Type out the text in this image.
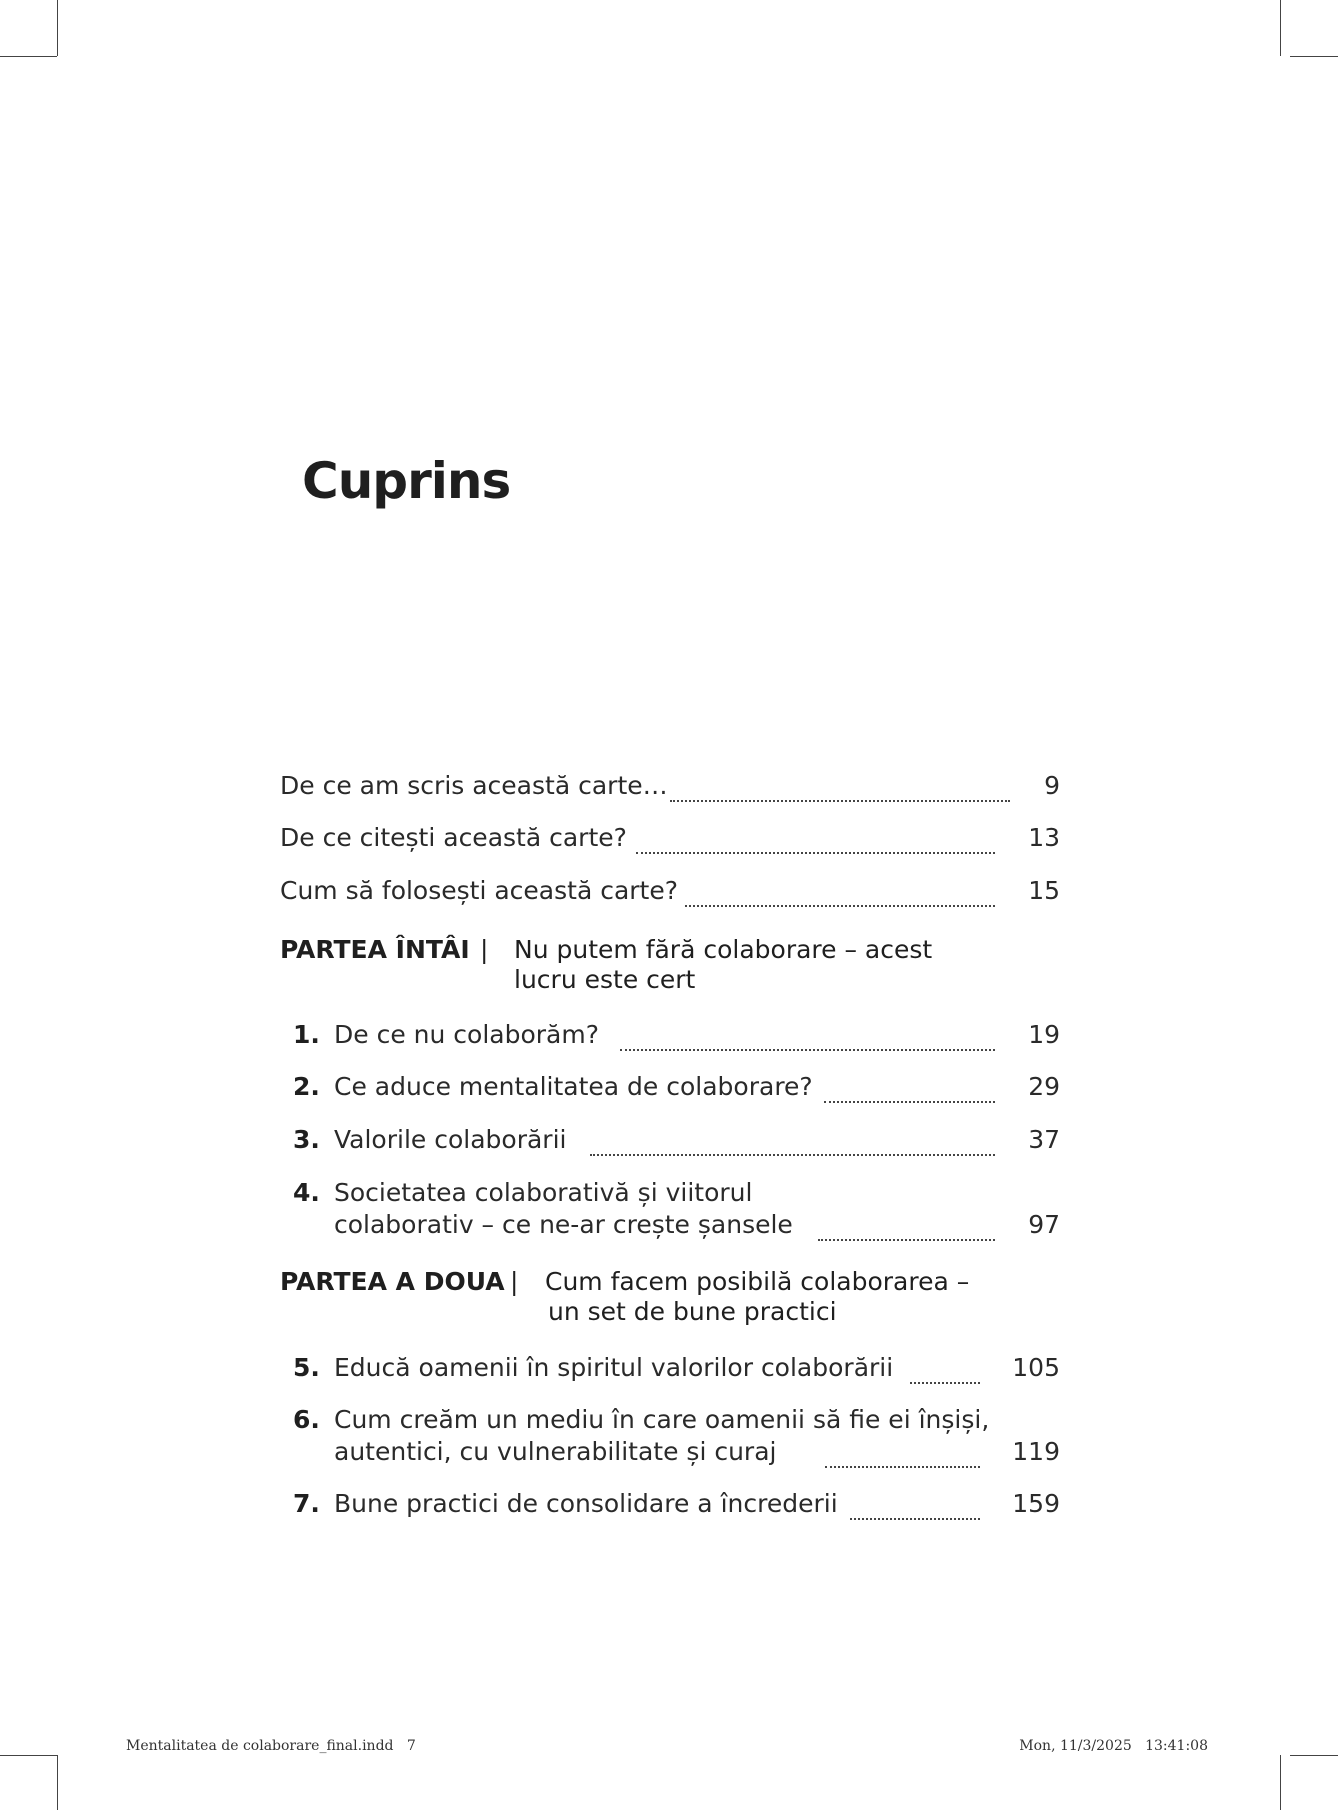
Cuprins
De ce am scris această carte…	9
De ce citești această carte?	13
Cum să folosești această carte?	15
PARTEA ÎNTÂI | Nu putem fără colaborare – acest
lucru este cert
1. De ce nu colaborăm?	19
2. Ce aduce mentalitatea de colaborare?	29
3. Valorile colaborării	37
4. Societatea colaborativă și viitorul
colaborativ – ce ne-ar crește șansele	97
PARTEA A DOUA | Cum facem posibilă colaborarea –
un set de bune practici
5. Educă oamenii în spiritul valorilor colaborării	105
6. Cum creăm un mediu în care oamenii să fie ei înșiși,
autentici, cu vulnerabilitate și curaj	119
7. Bune practici de consolidare a încrederii	159
Mentalitatea de colaborare_final.indd   7	Mon, 11/3/2025   13:41:08
